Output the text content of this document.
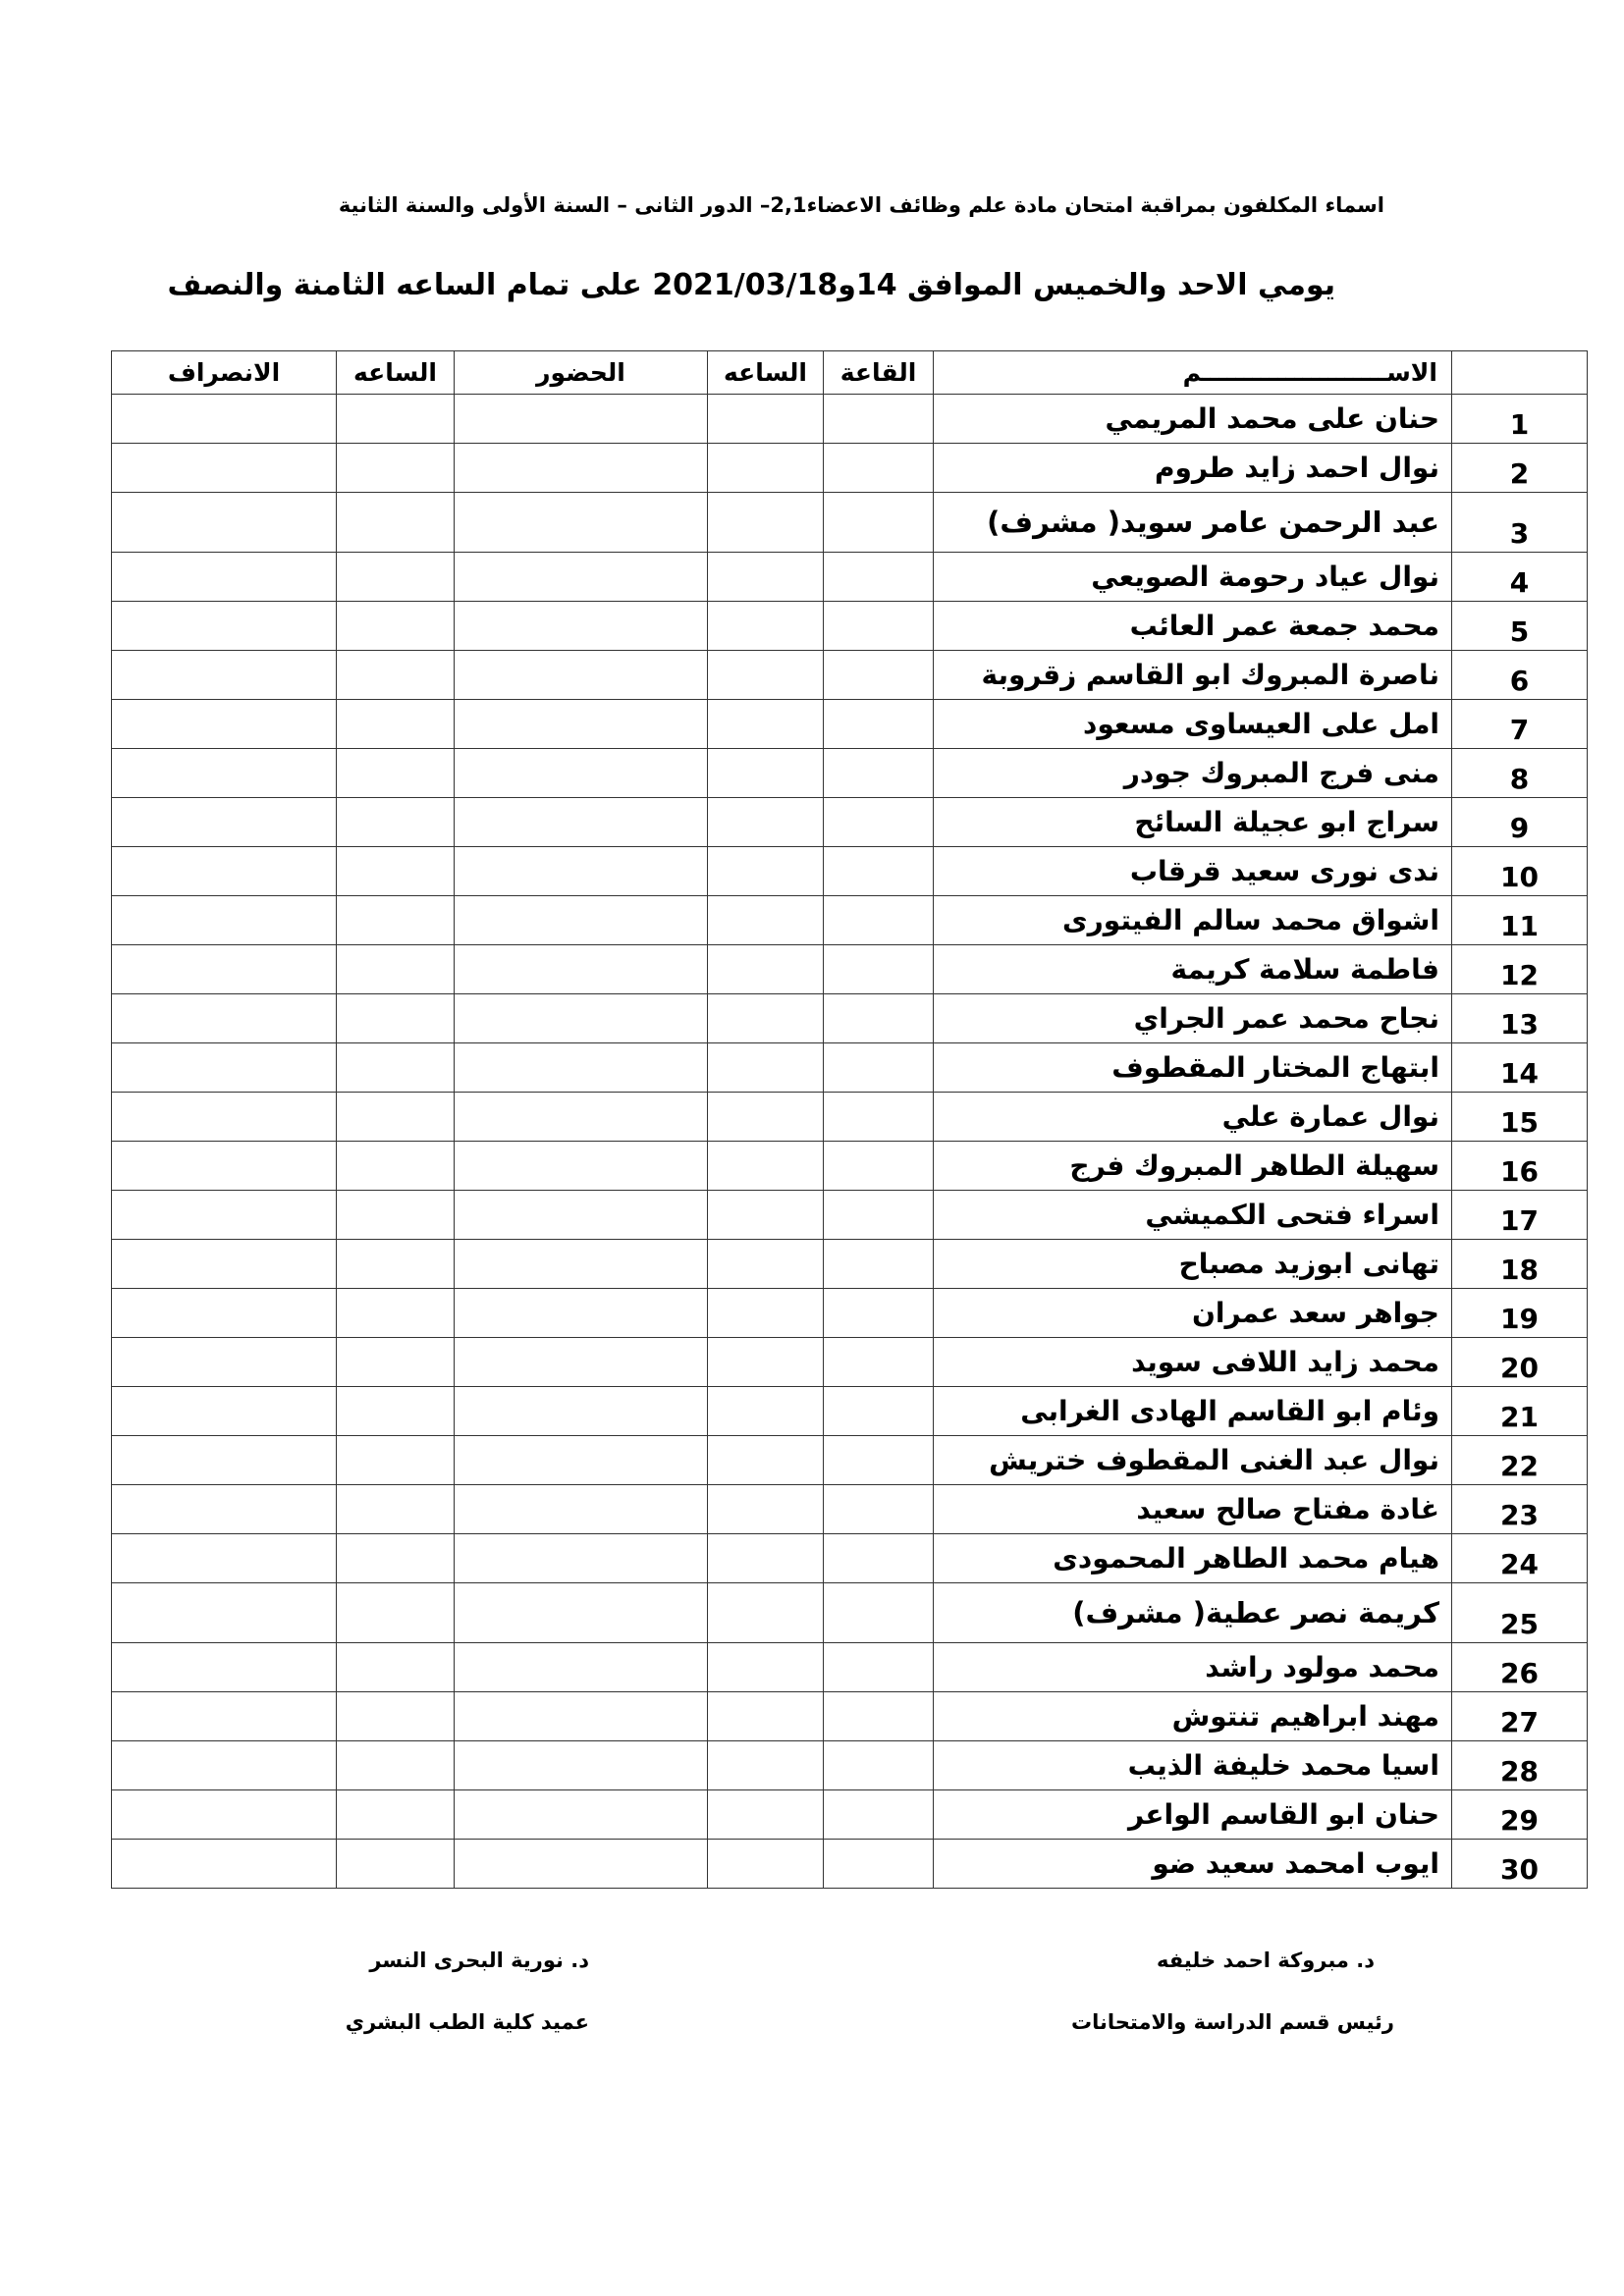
اسماء المكلفون بمراقبة امتحان مادة علم وظائف الاعضاء2,1– الدور الثانى – السنة الأولى والسنة الثانية
يومي الاحد والخميس الموافق 14و2021/03/18 على تمام الساعه الثامنة والنصف
	الاســــــــــــــــــــــم	القاعة	الساعه	الحضور	الساعه	الانصراف
1	حنان على محمد المريمي					
2	نوال احمد زايد طروم					
3	عبد الرحمن عامر سويد( مشرف)					
4	نوال عياد رحومة الصويعي					
5	محمد جمعة عمر العائب					
6	ناصرة المبروك ابو القاسم زقروبة					
7	امل على العيساوى مسعود					
8	منى فرج المبروك جودر					
9	سراج ابو عجيلة السائح					
10	ندى نورى سعيد قرقاب					
11	اشواق محمد سالم الفيتورى					
12	فاطمة سلامة كريمة					
13	نجاح محمد عمر الجراي					
14	ابتهاج المختار المقطوف					
15	نوال عمارة علي					
16	سهيلة الطاهر المبروك فرج					
17	اسراء فتحى الكميشي					
18	تهانى ابوزيد مصباح					
19	جواهر سعد عمران					
20	محمد زايد اللافى سويد					
21	وئام ابو القاسم الهادى الغرابى					
22	نوال عبد الغنى المقطوف ختريش					
23	غادة مفتاح صالح سعيد					
24	هيام محمد الطاهر المحمودى					
25	كريمة نصر عطية( مشرف)					
26	محمد مولود راشد					
27	مهند ابراهيم تنتوش					
28	اسيا محمد خليفة الذيب					
29	حنان ابو القاسم الواعر					
30	ايوب امحمد سعيد ضو					
د. مبروكة احمد خليفه
رئيس قسم الدراسة والامتحانات
د. نورية البحرى النسر
عميد كلية الطب البشري
